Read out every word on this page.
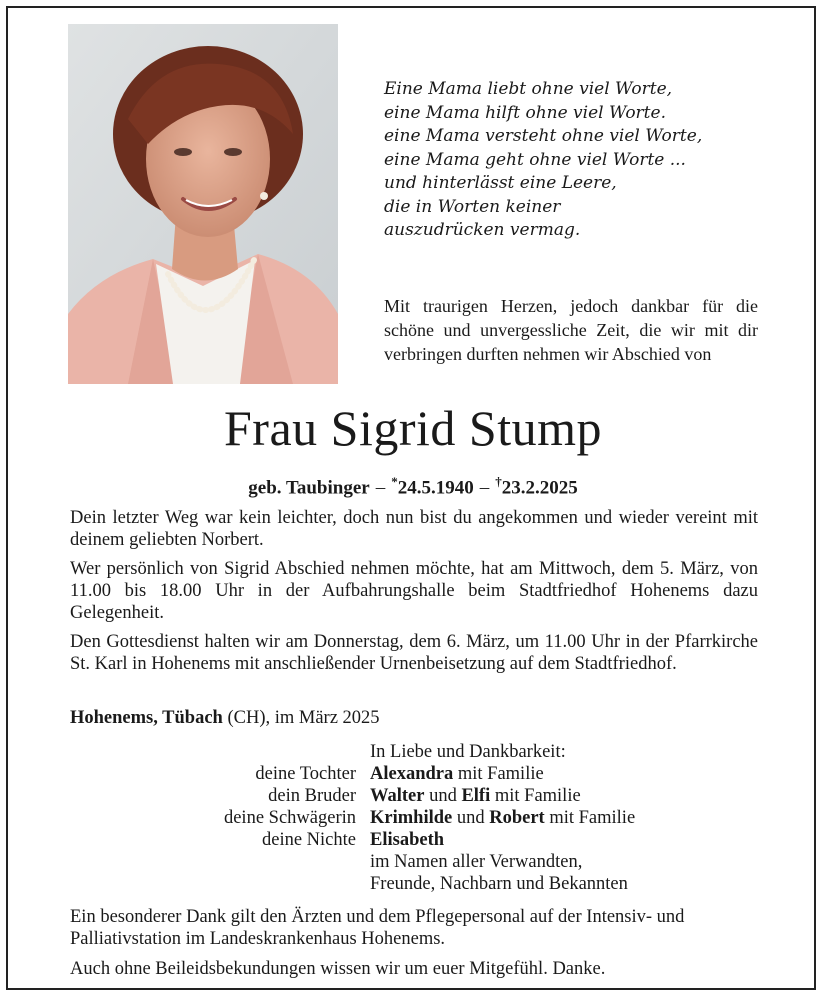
Eine Mama liebt ohne viel Worte,
eine Mama hilft ohne viel Worte.
eine Mama versteht ohne viel Worte,
eine Mama geht ohne viel Worte ...
und hinterlässt eine Leere,
die in Worten keiner
auszudrücken vermag.
Mit traurigen Herzen, jedoch dankbar für die schöne und unvergessliche Zeit, die wir mit dir verbringen durften nehmen wir Abschied von
Frau Sigrid Stump
geb. Taubinger – *24.5.1940 – †23.2.2025

Dein letzter Weg war kein leichter, doch nun bist du angekommen und wieder vereint mit deinem geliebten Norbert.

Wer persönlich von Sigrid Abschied nehmen möchte, hat am Mittwoch, dem 5. März, von 11.00 bis 18.00 Uhr in der Aufbahrungshalle beim Stadtfriedhof Hohenems dazu Gelegenheit.

Den Gottesdienst halten wir am Donnerstag, dem 6. März, um 11.00 Uhr in der Pfarrkirche St. Karl in Hohenems mit anschließender Urnenbeisetzung auf dem Stadtfriedhof.

Hohenems, Tübach (CH), im März 2025
In Liebe und Dankbarkeit:
deine Tochter Alexandra mit Familie
dein Bruder Walter und Elfi mit Familie
deine Schwägerin Krimhilde und Robert mit Familie
deine Nichte Elisabeth
im Namen aller Verwandten,
Freunde, Nachbarn und Bekannten

Ein besonderer Dank gilt den Ärzten und dem Pflegepersonal auf der Intensiv- und Palliativstation im Landeskrankenhaus Hohenems.

Auch ohne Beileidsbekundungen wissen wir um euer Mitgefühl. Danke.
